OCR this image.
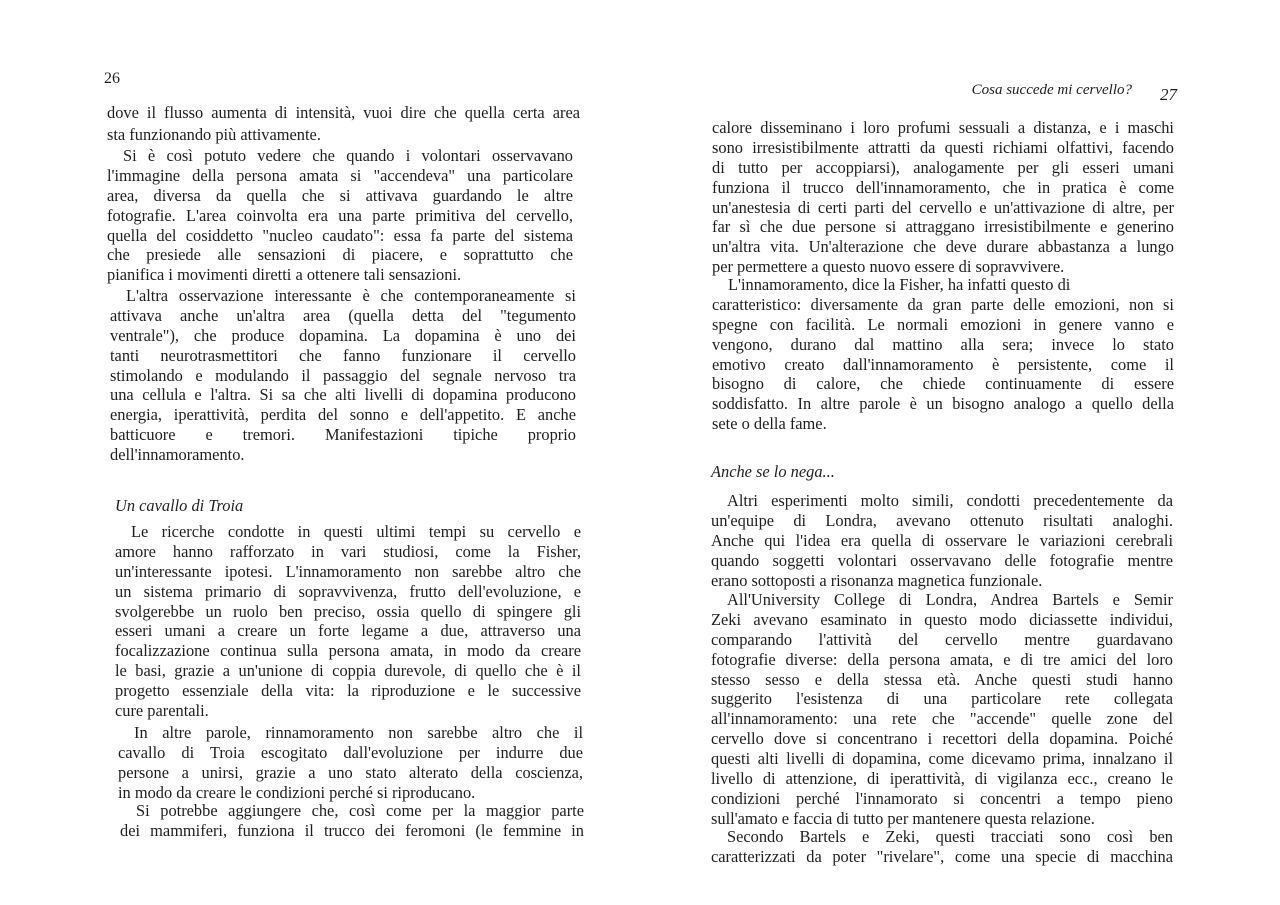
26
Un cavallo di Troia
dove il flusso aumenta di intensità, vuoi dire che quella certa area
sta funzionando più attivamente.
Si è così potuto vedere che quando i volontari osservavano
l'immagine della persona amata si "accendeva" una particolare
area, diversa da quella che si attivava guardando le altre
fotografie. L'area coinvolta era una parte primitiva del cervello,
quella del cosiddetto "nucleo caudato": essa fa parte del sistema
che presiede alle sensazioni di piacere, e soprattutto che
pianifica i movimenti diretti a ottenere tali sensazioni.
L'altra osservazione interessante è che contemporaneamente si
attivava anche un'altra area (quella detta del "tegumento
ventrale"), che produce dopamina. La dopamina è uno dei
tanti neurotrasmettitori che fanno funzionare il cervello
stimolando e modulando il passaggio del segnale nervoso tra
una cellula e l'altra. Si sa che alti livelli di dopamina producono
energia, iperattività, perdita del sonno e dell'appetito. E anche
batticuore e tremori. Manifestazioni tipiche proprio
dell'innamoramento.
Le ricerche condotte in questi ultimi tempi su cervello e
amore hanno rafforzato in vari studiosi, come la Fisher,
un'interessante ipotesi. L'innamoramento non sarebbe altro che
un sistema primario di sopravvivenza, frutto dell'evoluzione, e
svolgerebbe un ruolo ben preciso, ossia quello di spingere gli
esseri umani a creare un forte legame a due, attraverso una
focalizzazione continua sulla persona amata, in modo da creare
le basi, grazie a un'unione di coppia durevole, di quello che è il
progetto essenziale della vita: la riproduzione e le successive
cure parentali.
In altre parole, rinnamoramento non sarebbe altro che il
cavallo di Troia escogitato dall'evoluzione per indurre due
persone a unirsi, grazie a uno stato alterato della coscienza,
in modo da creare le condizioni perché si riproducano.
Si potrebbe aggiungere che, così come per la maggior parte
dei mammiferi, funziona il trucco dei feromoni (le femmine in
Cosa succede mi cervello? 27
Anche se lo nega...
calore disseminano i loro profumi sessuali a distanza, e i maschi
sono irresistibilmente attratti da questi richiami olfattivi, facendo
di tutto per accoppiarsi), analogamente per gli esseri umani
funziona il trucco dell'innamoramento, che in pratica è come
un'anestesia di certi parti del cervello e un'attivazione di altre, per
far sì che due persone si attraggano irresistibilmente e generino
un'altra vita. Un'alterazione che deve durare abbastanza a lungo
per permettere a questo nuovo essere di sopravvivere.
L'innamoramento, dice la Fisher, ha infatti questo di
caratteristico: diversamente da gran parte delle emozioni, non si
spegne con facilità. Le normali emozioni in genere vanno e
vengono, durano dal mattino alla sera; invece lo stato
emotivo creato dall'innamoramento è persistente, come il
bisogno di calore, che chiede continuamente di essere
soddisfatto. In altre parole è un bisogno analogo a quello della
sete o della fame.
Altri esperimenti molto simili, condotti precedentemente da
un'equipe di Londra, avevano ottenuto risultati analoghi.
Anche qui l'idea era quella di osservare le variazioni cerebrali
quando soggetti volontari osservavano delle fotografie mentre
erano sottoposti a risonanza magnetica funzionale.
All'University College di Londra, Andrea Bartels e Semir
Zeki avevano esaminato in questo modo diciassette individui,
comparando l'attività del cervello mentre guardavano
fotografie diverse: della persona amata, e di tre amici del loro
stesso sesso e della stessa età. Anche questi studi hanno
suggerito l'esistenza di una particolare rete collegata
all'innamoramento: una rete che "accende" quelle zone del
cervello dove si concentrano i recettori della dopamina. Poiché
questi alti livelli di dopamina, come dicevamo prima, innalzano il
livello di attenzione, di iperattività, di vigilanza ecc., creano le
condizioni perché l'innamorato si concentri a tempo pieno
sull'amato e faccia di tutto per mantenere questa relazione.
Secondo Bartels e Zeki, questi tracciati sono così ben
caratterizzati da poter "rivelare", come una specie di macchina
